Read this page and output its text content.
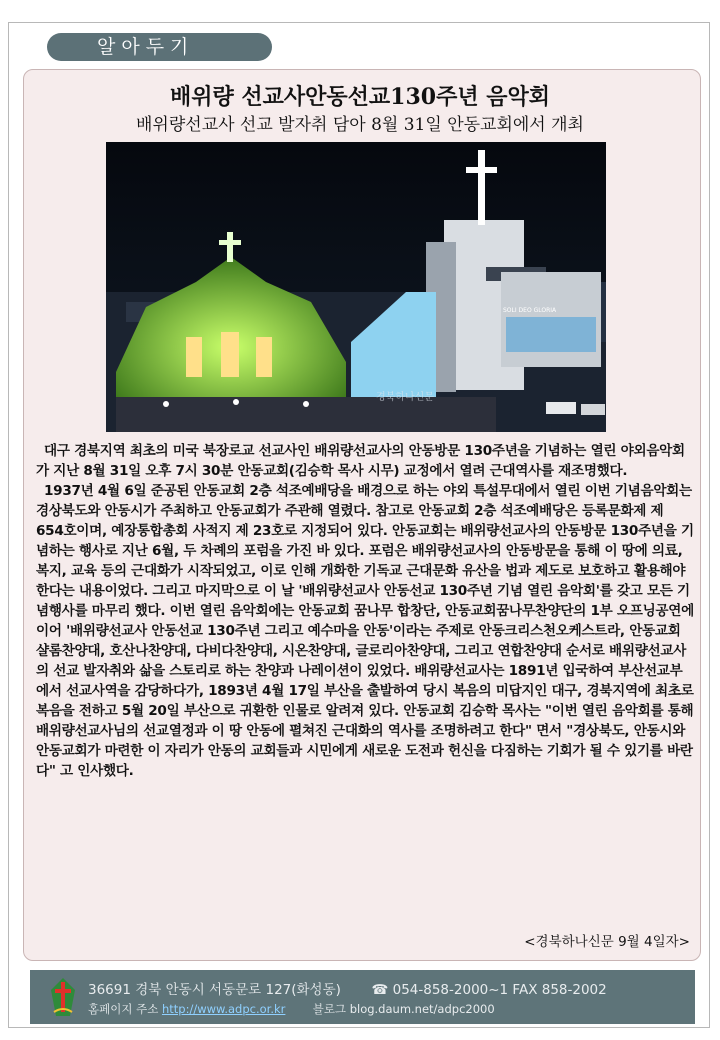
알아두기
배위량 선교사안동선교130주년 음악회
배위량선교사 선교 발자취 담아 8월 31일 안동교회에서 개최
SOLI DEO GLORIA
경북하나신문

대구 경북지역 최초의 미국 북장로교 선교사인 배위량선교사의 안동방문 130주년을 기념하는 열린 야외음악회가 지난 8월 31일 오후 7시 30분 안동교회(김승학 목사 시무) 교정에서 열려 근대역사를 재조명했다.

1937년 4월 6일 준공된 안동교회 2층 석조예배당을 배경으로 하는 야외 특설무대에서 열린 이번 기념음악회는 경상북도와 안동시가 주최하고 안동교회가 주관해 열렸다. 참고로 안동교회 2층 석조예배당은 등록문화제 제 654호이며, 예장통합총회 사적지 제 23호로 지정되어 있다. 안동교회는 배위량선교사의 안동방문 130주년을 기념하는 행사로 지난 6월, 두 차례의 포럼을 가진 바 있다. 포럼은 배위량선교사의 안동방문을 통해 이 땅에 의료, 복지, 교육 등의 근대화가 시작되었고, 이로 인해 개화한 기독교 근대문화 유산을 법과 제도로 보호하고 활용해야 한다는 내용이었다. 그리고 마지막으로 이 날 '배위량선교사 안동선교 130주년 기념 열린 음악회'를 갖고 모든 기념행사를 마무리 했다. 이번 열린 음악회에는 안동교회 꿈나무 합창단, 안동교회꿈나무찬양단의 1부 오프닝공연에 이어 '배위량선교사 안동선교 130주년 그리고 예수마을 안동'이라는 주제로 안동크리스천오케스트라, 안동교회 샬롬찬양대, 호산나찬양대, 다비다찬양대, 시온찬양대, 글로리아찬양대, 그리고 연합찬양대 순서로 배위량선교사의 선교 발자취와 삶을 스토리로 하는 찬양과 나레이션이 있었다. 배위량선교사는 1891년 입국하여 부산선교부에서 선교사역을 감당하다가, 1893년 4월 17일 부산을 출발하여 당시 복음의 미답지인 대구, 경북지역에 최초로 복음을 전하고 5월 20일 부산으로 귀환한 인물로 알려져 있다. 안동교회 김승학 목사는 "이번 열린 음악회를 통해 배위량선교사님의 선교열정과 이 땅 안동에 펼쳐진 근대화의 역사를 조명하려고 한다" 면서 "경상북도, 안동시와 안동교회가 마련한 이 자리가 안동의 교회들과 시민에게 새로운 도전과 헌신을 다짐하는 기회가 될 수 있기를 바란다" 고 인사했다.

<경북하나신문 9월 4일자>
36691 경북 안동시 서동문로 127(화성동) ☎ 054-858-2000~1 FAX 858-2002
홈페이지 주소 http://www.adpc.or.kr 블로그 blog.daum.net/adpc2000
